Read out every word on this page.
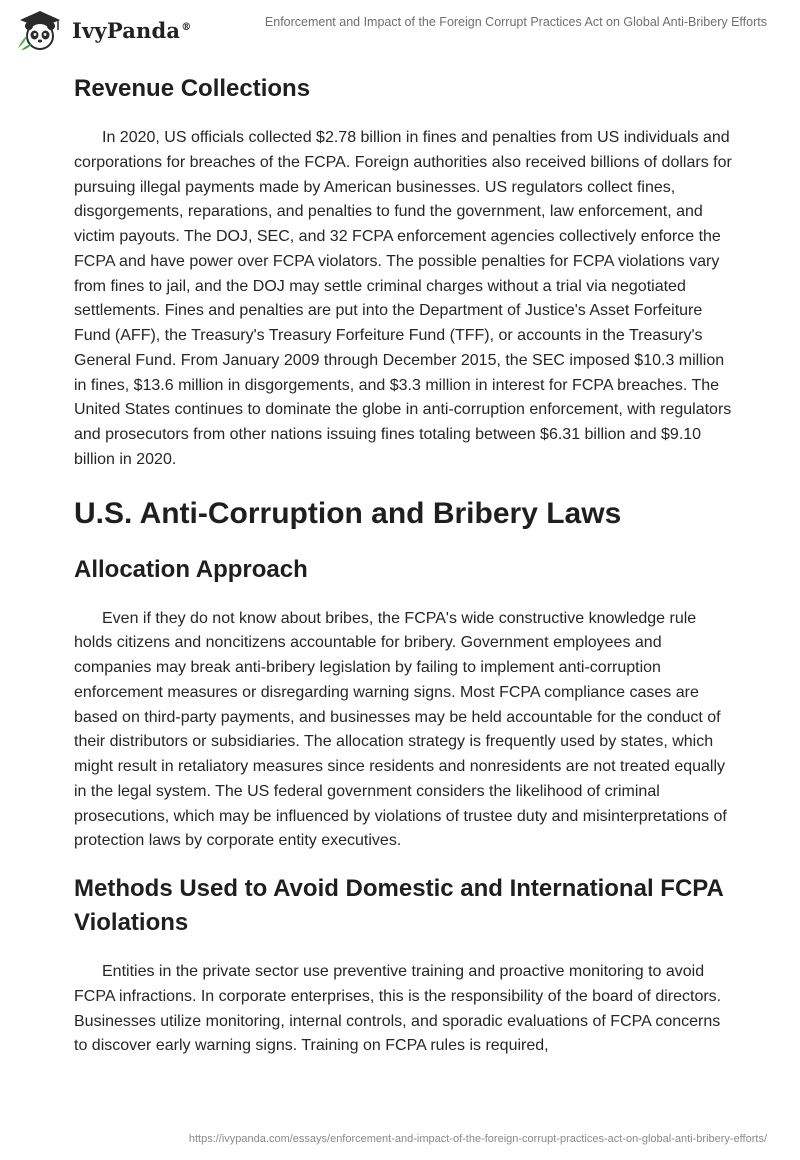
IvyPanda®	Enforcement and Impact of the Foreign Corrupt Practices Act on Global Anti-Bribery Efforts
Revenue Collections

In 2020, US officials collected $2.78 billion in fines and penalties from US individuals and corporations for breaches of the FCPA. Foreign authorities also received billions of dollars for pursuing illegal payments made by American businesses. US regulators collect fines, disgorgements, reparations, and penalties to fund the government, law enforcement, and victim payouts. The DOJ, SEC, and 32 FCPA enforcement agencies collectively enforce the FCPA and have power over FCPA violators. The possible penalties for FCPA violations vary from fines to jail, and the DOJ may settle criminal charges without a trial via negotiated settlements. Fines and penalties are put into the Department of Justice's Asset Forfeiture Fund (AFF), the Treasury's Treasury Forfeiture Fund (TFF), or accounts in the Treasury's General Fund. From January 2009 through December 2015, the SEC imposed $10.3 million in fines, $13.6 million in disgorgements, and $3.3 million in interest for FCPA breaches. The United States continues to dominate the globe in anti-corruption enforcement, with regulators and prosecutors from other nations issuing fines totaling between $6.31 billion and $9.10 billion in 2020.

U.S. Anti-Corruption and Bribery Laws
Allocation Approach

Even if they do not know about bribes, the FCPA's wide constructive knowledge rule holds citizens and noncitizens accountable for bribery. Government employees and companies may break anti-bribery legislation by failing to implement anti-corruption enforcement measures or disregarding warning signs. Most FCPA compliance cases are based on third-party payments, and businesses may be held accountable for the conduct of their distributors or subsidiaries. The allocation strategy is frequently used by states, which might result in retaliatory measures since residents and nonresidents are not treated equally in the legal system. The US federal government considers the likelihood of criminal prosecutions, which may be influenced by violations of trustee duty and misinterpretations of protection laws by corporate entity executives.

Methods Used to Avoid Domestic and International FCPA Violations

Entities in the private sector use preventive training and proactive monitoring to avoid FCPA infractions. In corporate enterprises, this is the responsibility of the board of directors. Businesses utilize monitoring, internal controls, and sporadic evaluations of FCPA concerns to discover early warning signs. Training on FCPA rules is required,

https://ivypanda.com/essays/enforcement-and-impact-of-the-foreign-corrupt-practices-act-on-global-anti-bribery-efforts/
